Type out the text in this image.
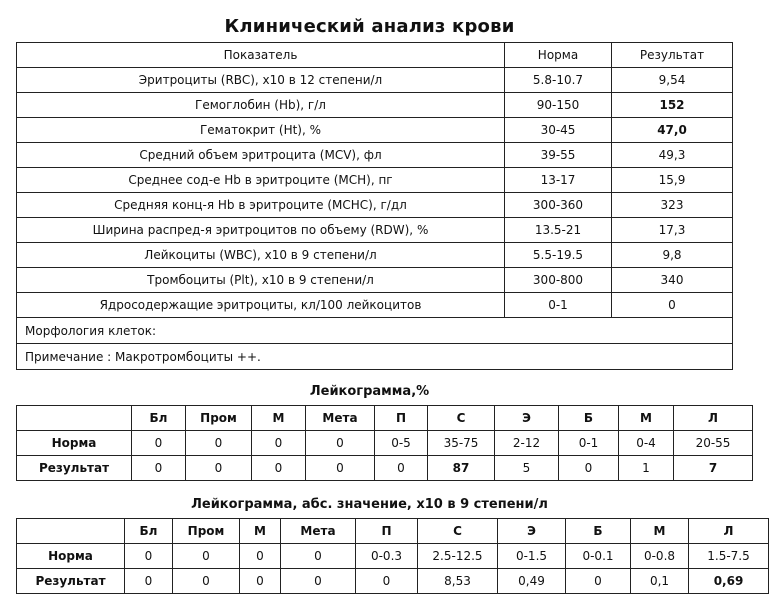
Клинический анализ крови
Показатель	Норма	Результат
Эритроциты (RBC), x10 в 12 степени/л	5.8-10.7	9,54
Гемоглобин (Hb), г/л	90-150	152
Гематокрит (Ht), %	30-45	47,0
Средний объем эритроцита (MCV), фл	39-55	49,3
Среднее сод-е Hb в эритроците (MCH), пг	13-17	15,9
Средняя конц-я Hb в эритроците (MCHC), г/дл	300-360	323
Ширина распред-я эритроцитов по объему (RDW), %	13.5-21	17,3
Лейкоциты (WBC), x10 в 9 степени/л	5.5-19.5	9,8
Тромбоциты (Plt), x10 в 9 степени/л	300-800	340
Ядросодержащие эритроциты, кл/100 лейкоцитов	0-1	0
Морфология клеток:		
Примечание : Макротромбоциты ++.		
Лейкограмма,%
	Бл	Пром	М	Мета	П	С	Э	Б	М	Л
Норма	0	0	0	0	0-5	35-75	2-12	0-1	0-4	20-55
Результат	0	0	0	0	0	87	5	0	1	7
Лейкограмма, абс. значение, x10 в 9 степени/л
	Бл	Пром	М	Мета	П	С	Э	Б	М	Л
Норма	0	0	0	0	0-0.3	2.5-12.5	0-1.5	0-0.1	0-0.8	1.5-7.5
Результат	0	0	0	0	0	8,53	0,49	0	0,1	0,69
